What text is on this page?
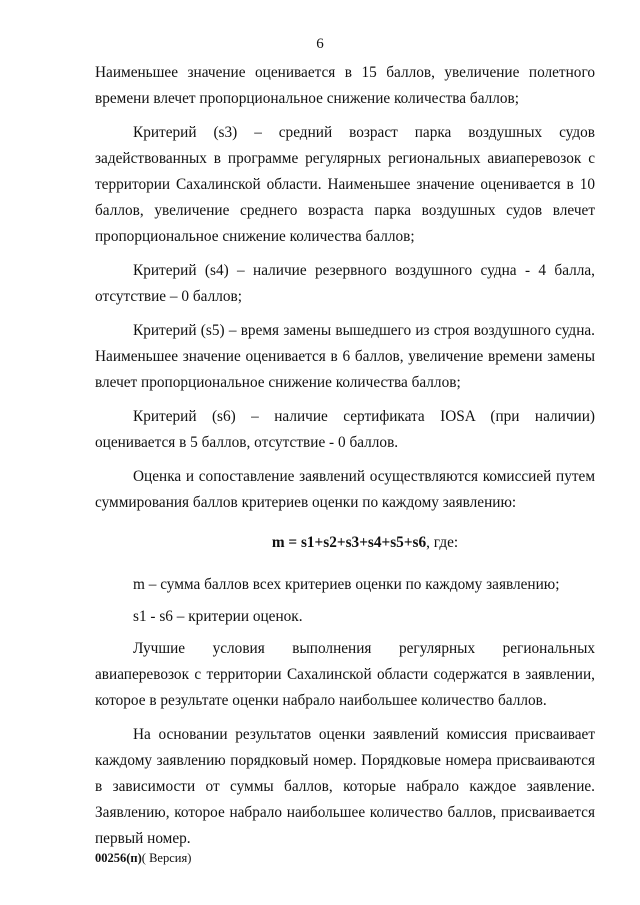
6

Наименьшее значение оценивается в 15 баллов, увеличение полетного времени влечет пропорциональное снижение количества баллов;

Критерий (s3) – средний возраст парка воздушных судов задействованных в программе регулярных региональных авиаперевозок с территории Сахалинской области. Наименьшее значение оценивается в 10 баллов, увеличение среднего возраста парка воздушных судов влечет пропорциональное снижение количества баллов;

Критерий (s4) – наличие резервного воздушного судна - 4 балла, отсутствие – 0 баллов;

Критерий (s5) – время замены вышедшего из строя воздушного судна. Наименьшее значение оценивается в 6 баллов, увеличение времени замены влечет пропорциональное снижение количества баллов;

Критерий (s6) – наличие сертификата IOSA (при наличии) оценивается в 5 баллов, отсутствие - 0 баллов.

Оценка и сопоставление заявлений осуществляются комиссией путем суммирования баллов критериев оценки по каждому заявлению:

m = s1+s2+s3+s4+s5+s6, где:

m – сумма баллов всех критериев оценки по каждому заявлению;

s1 - s6 – критерии оценок.

Лучшие условия выполнения регулярных региональных авиаперевозок с территории Сахалинской области содержатся в заявлении, которое в результате оценки набрало наибольшее количество баллов.

На основании результатов оценки заявлений комиссия присваивает каждому заявлению порядковый номер. Порядковые номера присваиваются в зависимости от суммы баллов, которые набрало каждое заявление. Заявлению, которое набрало наибольшее количество баллов, присваивается первый номер.

00256(п)( Версия)
